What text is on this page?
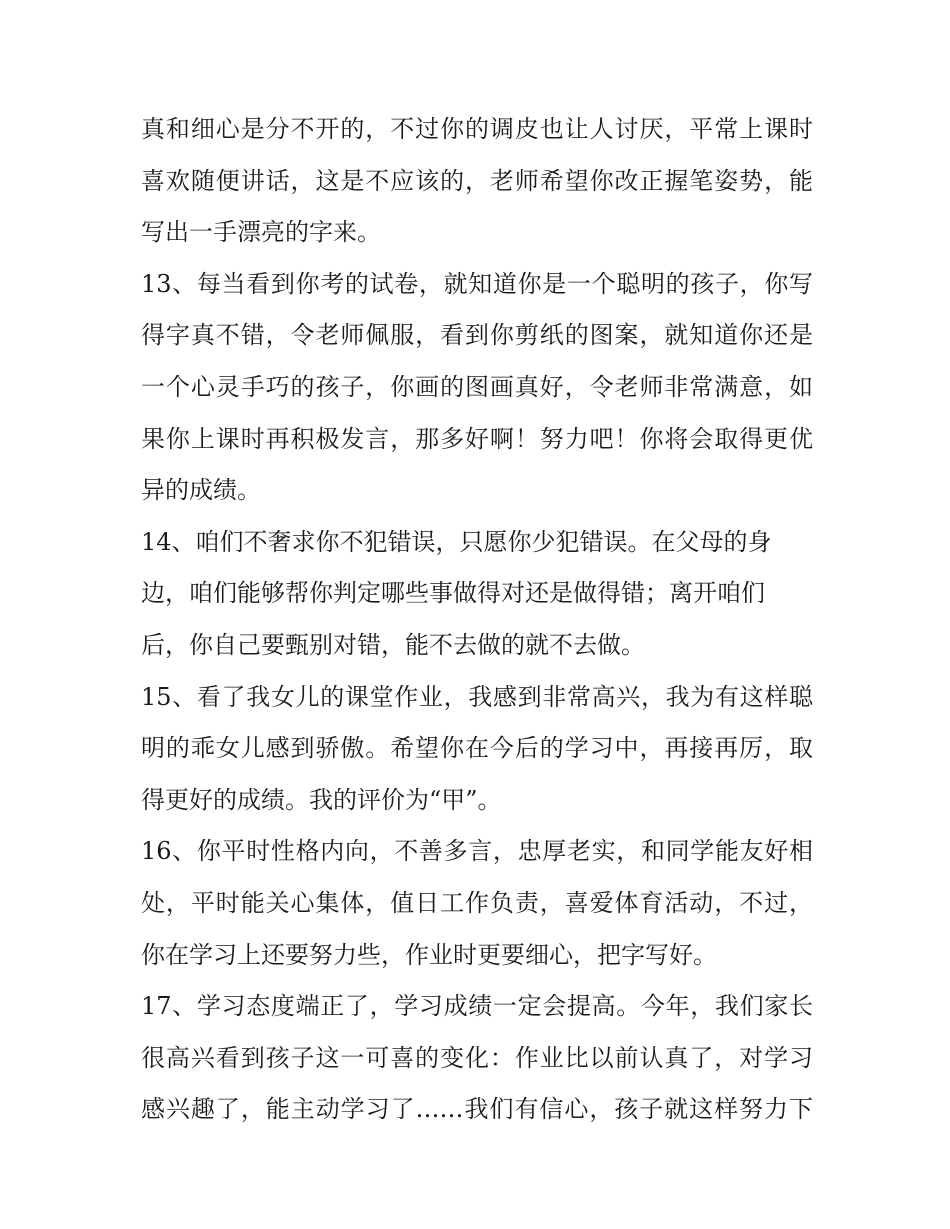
真和细心是分不开的，不过你的调皮也让人讨厌，平常上课时
喜欢随便讲话，这是不应该的，老师希望你改正握笔姿势，能
写出一手漂亮的字来。
13、每当看到你考的试卷，就知道你是一个聪明的孩子，你写
得字真不错，令老师佩服，看到你剪纸的图案，就知道你还是
一个心灵手巧的孩子，你画的图画真好，令老师非常满意，如
果你上课时再积极发言，那多好啊！努力吧！你将会取得更优
异的成绩。
14、咱们不奢求你不犯错误，只愿你少犯错误。在父母的身
边，咱们能够帮你判定哪些事做得对还是做得错；离开咱们
后，你自己要甄别对错，能不去做的就不去做。
15、看了我女儿的课堂作业，我感到非常高兴，我为有这样聪
明的乖女儿感到骄傲。希望你在今后的学习中，再接再厉，取
得更好的成绩。我的评价为“甲”。
16、你平时性格内向，不善多言，忠厚老实，和同学能友好相
处，平时能关心集体，值日工作负责，喜爱体育活动，不过，
你在学习上还要努力些，作业时更要细心，把字写好。
17、学习态度端正了，学习成绩一定会提高。今年，我们家长
很高兴看到孩子这一可喜的变化：作业比以前认真了，对学习
感兴趣了，能主动学习了……我们有信心，孩子就这样努力下
